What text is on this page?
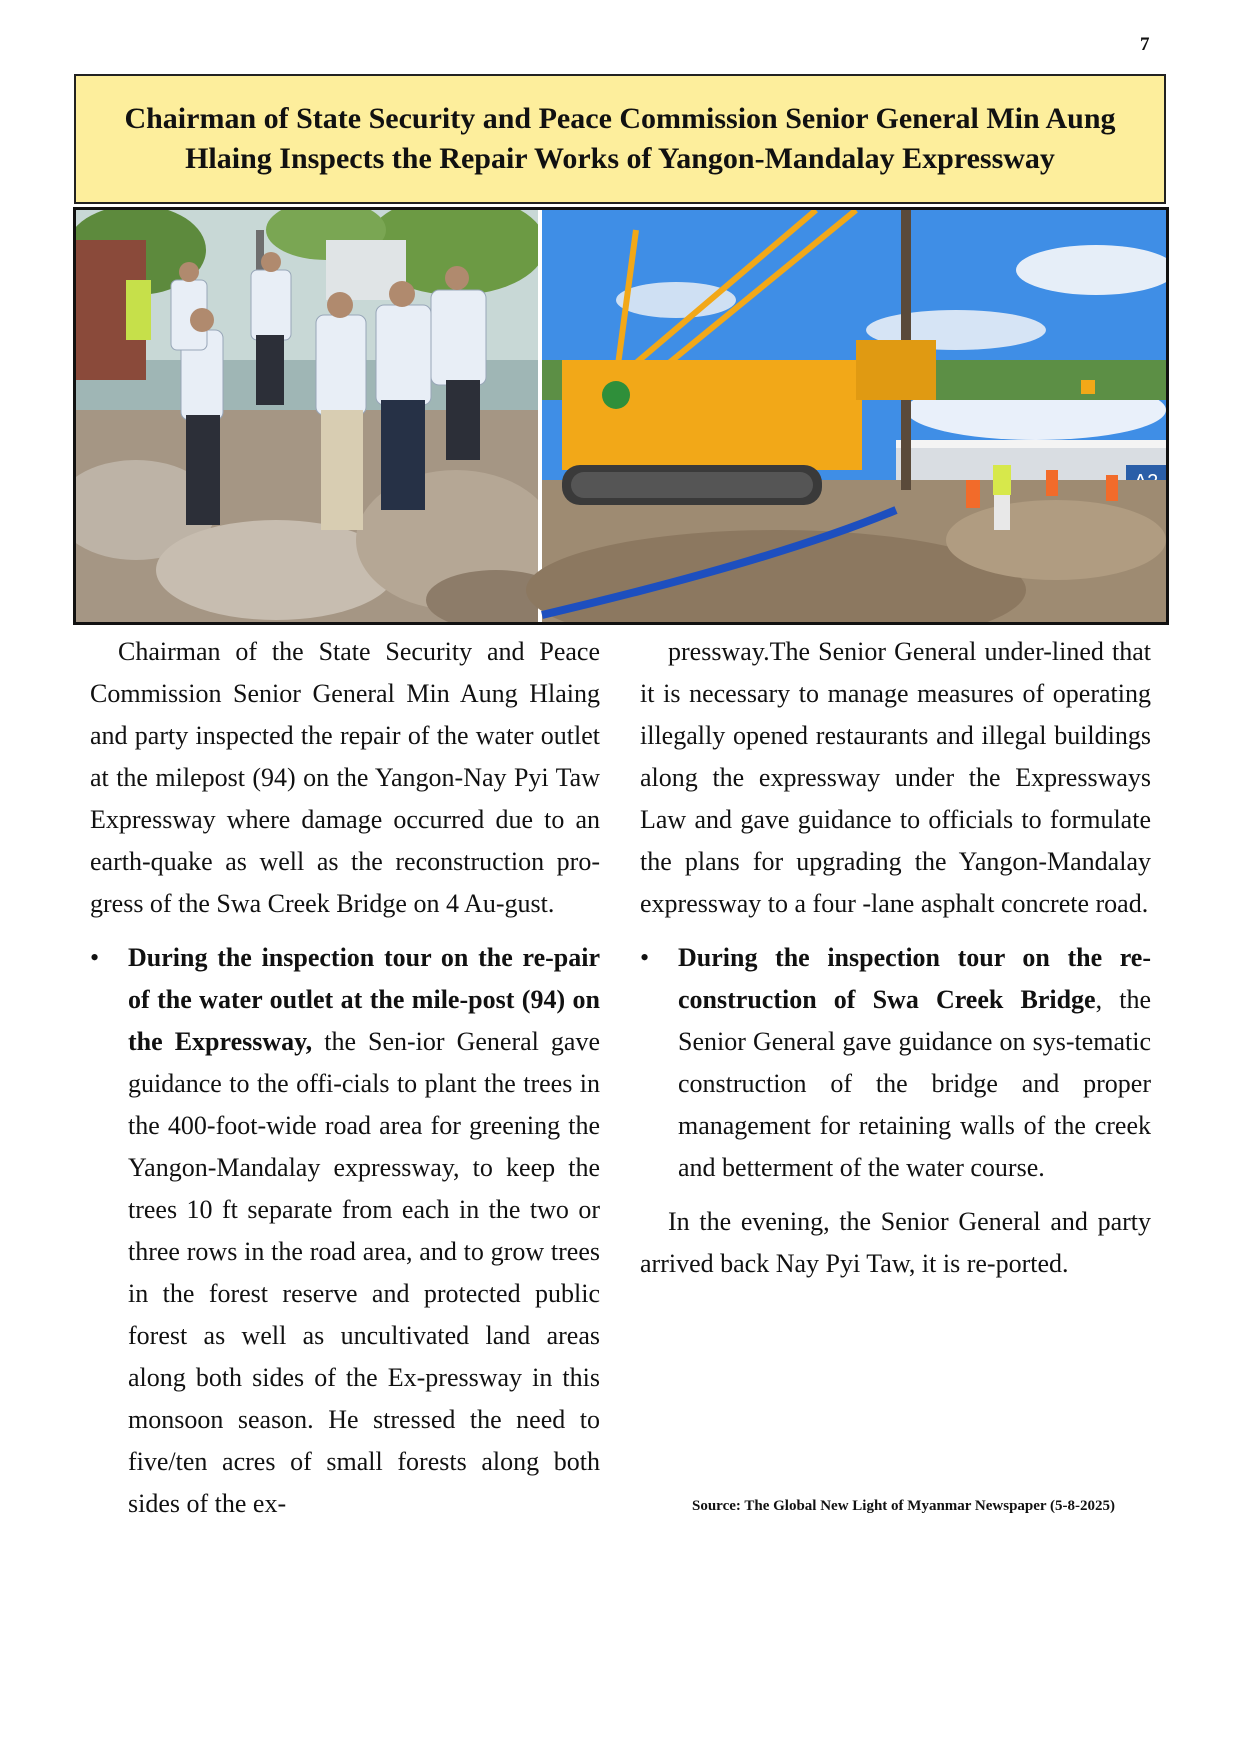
7
Chairman of State Security and Peace Commission Senior General Min Aung
Hlaing Inspects the Repair Works of Yangon-Mandalay Expressway

Chairman of the State Security and Peace Commission Senior General Min Aung Hlaing and party inspected the repair of the water outlet at the milepost (94) on the Yangon-Nay Pyi Taw Expressway where damage occurred due to an earth-quake as well as the reconstruction pro-gress of the Swa Creek Bridge on 4 Au-gust.

• During the inspection tour on the re-pair of the water outlet at the mile-post (94) on the Expressway, the Sen-ior General gave guidance to the offi-cials to plant the trees in the 400-foot-wide road area for greening the Yangon-Mandalay expressway, to keep the trees 10 ft separate from each in the two or three rows in the road area, and to grow trees in the forest reserve and protected public forest as well as uncultivated land areas along both sides of the Ex-pressway in this monsoon season. He stressed the need to five/ten acres of small forests along both sides of the ex-

pressway.The Senior General under-lined that it is necessary to manage measures of operating illegally opened restaurants and illegal buildings along the expressway under the Expressways Law and gave guidance to officials to formulate the plans for upgrading the Yangon-Mandalay expressway to a four -lane asphalt concrete road.

• During the inspection tour on the re-construction of Swa Creek Bridge, the Senior General gave guidance on sys-tematic construction of the bridge and proper management for retaining walls of the creek and betterment of the water course.

In the evening, the Senior General and party arrived back Nay Pyi Taw, it is re-ported.

Source: The Global New Light of Myanmar Newspaper (5-8-2025)
